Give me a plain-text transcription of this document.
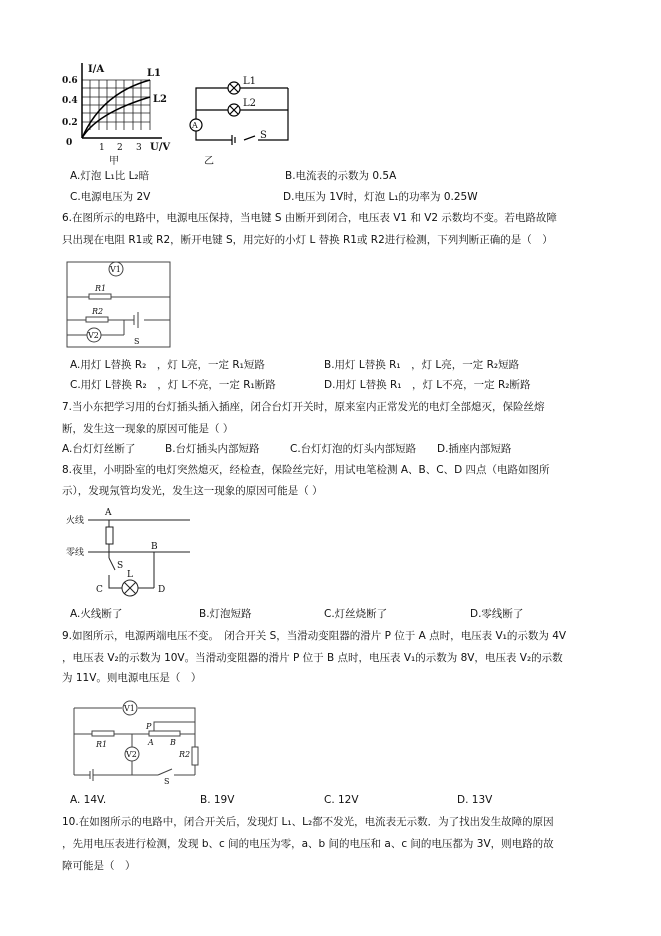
I/A
U/V
0.6
0.4
0.2
0	1 2 3
L1
L2
甲
A
L1
L2
S
乙
A.灯泡 L₁比 L₂暗	B.电流表的示数为 0.5A
C.电源电压为 2V	D.电压为 1V时，灯泡 L₁的功率为 0.25W
6.在图所示的电路中，电源电压保持，当电键 S 由断开到闭合，电压表 V1 和 V2 示数均不变。若电路故障
只出现在电阻 R1或 R2，断开电键 S，用完好的小灯 L 替换 R1或 R2进行检测，下列判断正确的是（　）
V1
V2
R1
R2
S
A.用灯 L替换 R₂　，灯 L亮，一定 R₁短路	B.用灯 L替换 R₁　，灯 L亮，一定 R₂短路
C.用灯 L替换 R₂　，灯 L不亮，一定 R₁断路	D.用灯 L替换 R₁　，灯 L不亮，一定 R₂断路
7.当小东把学习用的台灯插头插入插座，闭合台灯开关时，原来室内正常发光的电灯全部熄灭，保险丝熔
断，发生这一现象的原因可能是（ ）
A.台灯灯丝断了	B.台灯插头内部短路	C.台灯灯泡的灯头内部短路 D.插座内部短路
8.夜里，小明卧室的电灯突然熄灭，经检查，保险丝完好，用试电笔检测 A、B、C、D 四点（电路如图所
示），发现氖管均发光，发生这一现象的原因可能是（ ）
火线
零线
A
B
C	D
S
L
A.火线断了	B.灯泡短路	C.灯丝烧断了	D.零线断了
9.如图所示，电源两端电压不变。　闭合开关 S，当滑动变阻器的滑片 P 位于 A 点时，电压表 V₁的示数为 4V
，电压表 V₂的示数为 10V。当滑动变阻器的滑片 P 位于 B 点时，电压表 V₁的示数为 8V，电压表 V₂的示数
为 11V。则电源电压是（　）
V1
V2
R1
R2
P
A B
S
A. 14V.	B. 19V	C. 12V	D. 13V
10.在如图所示的电路中，闭合开关后，发现灯 L₁、L₂都不发光，电流表无示数．为了找出发生故障的原因
，先用电压表进行检测，发现 b、c 间的电压为零，a、b 间的电压和 a、c 间的电压都为 3V，则电路的故
障可能是（　）
